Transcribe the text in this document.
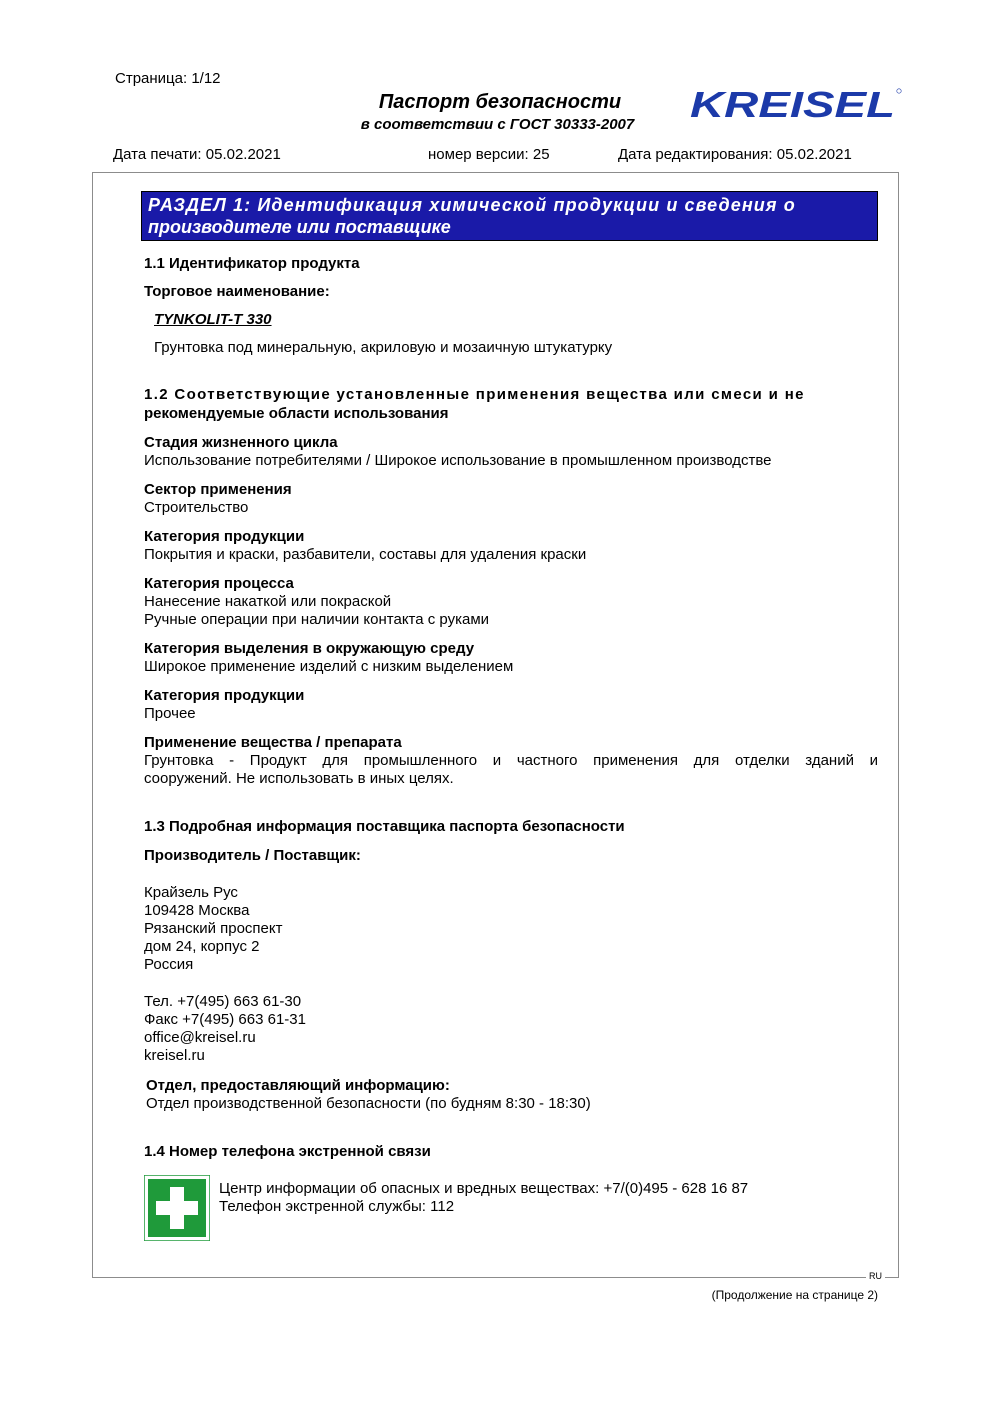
Страница: 1/12
Паспорт безопасности
в соответствии с ГОСТ 30333-2007	KREISEL
Дата печати: 05.02.2021	номер версии: 25	Дата редактирования: 05.02.2021
RU
РАЗДЕЛ 1: Идентификация химической продукции и сведения о
производителе или поставщике

1.1 Идентификатор продукта

Торговое наименование:

TYNKOLIT-T 330

Грунтовка под минеральную, акриловую и мозаичную штукатурку

1.2 Соответствующие установленные применения вещества или смеси и не

рекомендуемые области использования

Стадия жизненного цикла

Использование потребителями / Широкое использование в промышленном производстве

Сектор применения

Строительство

Категория продукции

Покрытия и краски, разбавители, составы для удаления краски

Категория процесса

Нанесение накаткой или покраской

Ручные операции при наличии контакта с руками

Категория выделения в окружающую среду

Широкое применение изделий с низким выделением

Категория продукции

Прочее

Применение вещества / препарата

Грунтовка - Продукт для промышленного и частного применения для отделки зданий и

сооружений. Не использовать в иных целях.

1.3 Подробная информация поставщика паспорта безопасности

Производитель / Поставщик:

Крайзель Рус

109428 Москва

Рязанский проспект

дом 24, корпус 2

Россия

Тел. +7(495) 663 61-30

Факс +7(495) 663 61-31

office@kreisel.ru

kreisel.ru

Отдел, предоставляющий информацию:

Отдел производственной безопасности (по будням 8:30 - 18:30)

1.4 Номер телефона экстренной связи

Центр информации об опасных и вредных веществах: +7/(0)495 - 628 16 87

Телефон экстренной службы: 112

(Продолжение на странице 2)
